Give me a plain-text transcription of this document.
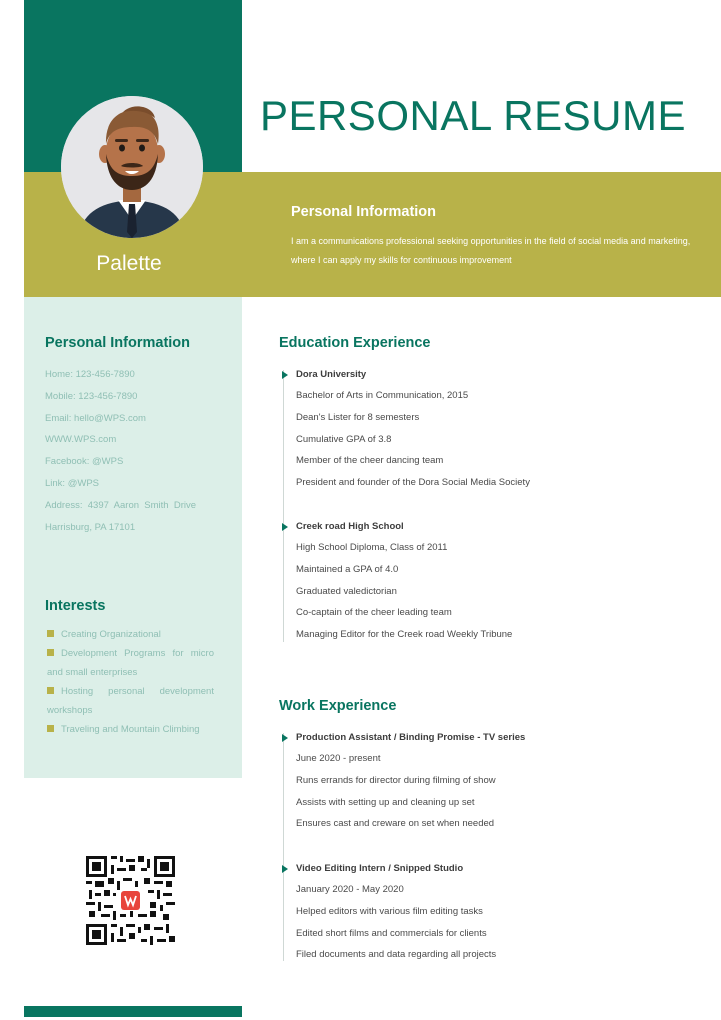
Palette
PERSONAL RESUME
Personal Information
I am a communications professional seeking opportunities in the field of social media and marketing, where I can apply my skills for continuous improvement
Personal Information
Home: 123-456-7890
Mobile: 123-456-7890
Email: hello@WPS.com
WWW.WPS.com
Facebook: @WPS
Link: @WPS
Address:  4397  Aaron  Smith  Drive
Harrisburg, PA 17101
Interests
Creating Organizational
Development Programs for micro and small enterprises
Hosting personal development workshops
Traveling and Mountain Climbing
Education Experience
Dora University
Bachelor of Arts in Communication, 2015
Dean's Lister for 8 semesters
Cumulative GPA of 3.8
Member of the cheer dancing team
President and founder of the Dora Social Media Society
Creek road High School
High School Diploma, Class of 2011
Maintained a GPA of 4.0
Graduated valedictorian
Co-captain of the cheer leading team
Managing Editor for the Creek road Weekly Tribune
Work Experience
Production Assistant / Binding Promise - TV series
June 2020 - present
Runs errands for director during filming of show
Assists with setting up and cleaning up set
Ensures cast and creware on set when needed
Video Editing Intern / Snipped Studio
January 2020 - May 2020
Helped editors with various film editing tasks
Edited short films and commercials for clients
Filed documents and data regarding all projects
